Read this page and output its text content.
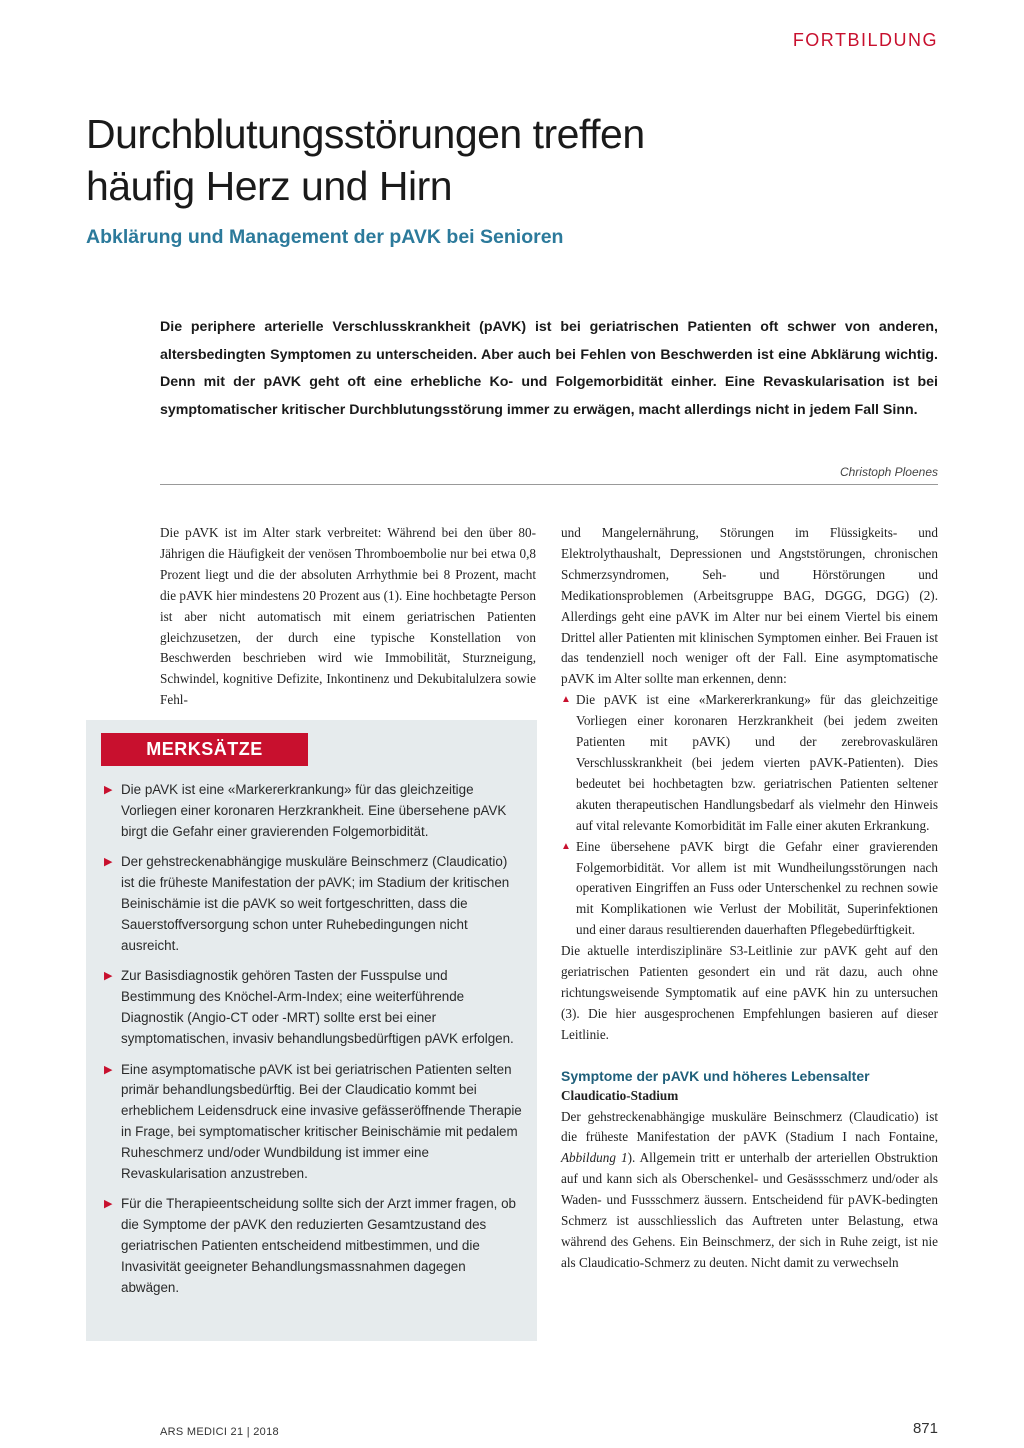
FORTBILDUNG
Durchblutungsstörungen treffen
häufig Herz und Hirn
Abklärung und Management der pAVK bei Senioren

Die periphere arterielle Verschlusskrankheit (pAVK) ist bei geriatrischen Patienten oft schwer von anderen, altersbedingten Symptomen zu unterscheiden. Aber auch bei Fehlen von Beschwerden ist eine Abklärung wichtig. Denn mit der pAVK geht oft eine erhebliche Ko- und Folgemorbidität einher. Eine Revaskularisation ist bei symptomatischer kritischer Durchblutungsstörung immer zu erwägen, macht allerdings nicht in jedem Fall Sinn.

Christoph Ploenes

Die pAVK ist im Alter stark verbreitet: Während bei den über 80-Jährigen die Häufigkeit der venösen Thromboembolie nur bei etwa 0,8 Prozent liegt und die der absoluten Arrhythmie bei 8 Prozent, macht die pAVK hier mindestens 20 Prozent aus (1). Eine hochbetagte Person ist aber nicht automatisch mit einem geriatrischen Patienten gleichzusetzen, der durch eine typische Konstellation von Beschwerden beschrieben wird wie Immobilität, Sturzneigung, Schwindel, kognitive Defizite, Inkontinenz und Dekubitalulzera sowie Fehl-

MERKSÄTZE
▶ Die pAVK ist eine «Markererkrankung» für das gleichzeitige Vorliegen einer koronaren Herzkrankheit. Eine übersehene pAVK birgt die Gefahr einer gravierenden Folgemorbidität.
▶ Der gehstreckenabhängige muskuläre Beinschmerz (Claudicatio) ist die früheste Manifestation der pAVK; im Stadium der kritischen Beinischämie ist die pAVK so weit fortgeschritten, dass die Sauerstoffversorgung schon unter Ruhebedingungen nicht ausreicht.
▶ Zur Basisdiagnostik gehören Tasten der Fusspulse und Bestimmung des Knöchel-Arm-Index; eine weiterführende Diagnostik (Angio-CT oder -MRT) sollte erst bei einer symptomatischen, invasiv behandlungsbedürftigen pAVK erfolgen.
▶ Eine asymptomatische pAVK ist bei geriatrischen Patienten selten primär behandlungsbedürftig. Bei der Claudicatio kommt bei erheblichem Leidensdruck eine invasive gefässeröffnende Therapie in Frage, bei symptomatischer kritischer Beinischämie mit pedalem Ruheschmerz und/oder Wundbildung ist immer eine Revaskularisation anzustreben.
▶ Für die Therapieentscheidung sollte sich der Arzt immer fragen, ob die Symptome der pAVK den reduzierten Gesamtzustand des geriatrischen Patienten entscheidend mitbestimmen, und die Invasivität geeigneter Behandlungsmassnahmen dagegen abwägen.

und Mangelernährung, Störungen im Flüssigkeits- und Elektrolythaushalt, Depressionen und Angststörungen, chronischen Schmerzsyndromen, Seh- und Hörstörungen und Medikationsproblemen (Arbeitsgruppe BAG, DGGG, DGG) (2). Allerdings geht eine pAVK im Alter nur bei einem Viertel bis einem Drittel aller Patienten mit klinischen Symptomen einher. Bei Frauen ist das tendenziell noch weniger oft der Fall. Eine asymptomatische pAVK im Alter sollte man erkennen, denn:

▲ Die pAVK ist eine «Markererkrankung» für das gleichzeitige Vorliegen einer koronaren Herzkrankheit (bei jedem zweiten Patienten mit pAVK) und der zerebrovaskulären Verschlusskrankheit (bei jedem vierten pAVK-Patienten). Dies bedeutet bei hochbetagten bzw. geriatrischen Patienten seltener akuten therapeutischen Handlungsbedarf als vielmehr den Hinweis auf vital relevante Komorbidität im Falle einer akuten Erkrankung.
▲ Eine übersehene pAVK birgt die Gefahr einer gravierenden Folgemorbidität. Vor allem ist mit Wundheilungsstörungen nach operativen Eingriffen an Fuss oder Unterschenkel zu rechnen sowie mit Komplikationen wie Verlust der Mobilität, Superinfektionen und einer daraus resultierenden dauerhaften Pflegebedürftigkeit.

Die aktuelle interdisziplinäre S3-Leitlinie zur pAVK geht auf den geriatrischen Patienten gesondert ein und rät dazu, auch ohne richtungsweisende Symptomatik auf eine pAVK hin zu untersuchen (3). Die hier ausgesprochenen Empfehlungen basieren auf dieser Leitlinie.

Symptome der pAVK und höheres Lebensalter
Claudicatio-Stadium

Der gehstreckenabhängige muskuläre Beinschmerz (Claudicatio) ist die früheste Manifestation der pAVK (Stadium I nach Fontaine, Abbildung 1). Allgemein tritt er unterhalb der arteriellen Obstruktion auf und kann sich als Oberschenkel- und Gesässschmerz und/oder als Waden- und Fussschmerz äussern. Entscheidend für pAVK-bedingten Schmerz ist ausschliesslich das Auftreten unter Belastung, etwa während des Gehens. Ein Beinschmerz, der sich in Ruhe zeigt, ist nie als Claudicatio-Schmerz zu deuten. Nicht damit zu verwechseln

ARS MEDICI 21 | 2018	871
